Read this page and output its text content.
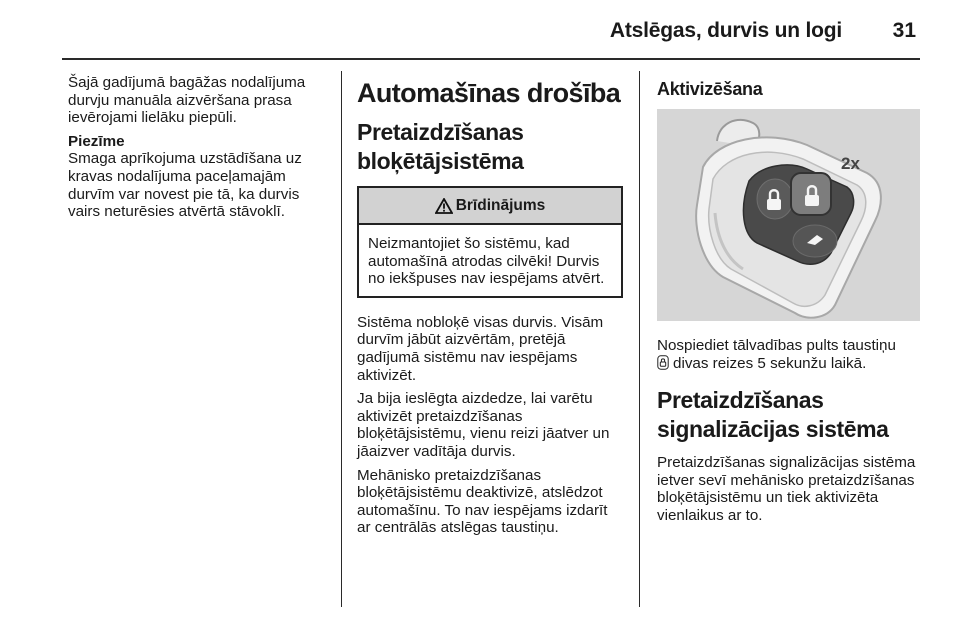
Atslēgas, durvis un logi 31

Šajā gadījumā bagāžas nodalījuma durvju manuāla aizvēršana prasa ievērojami lielāku piepūli.

Piezīme

Smaga aprīkojuma uzstādīšana uz kravas nodalījuma paceļamajām durvīm var novest pie tā, ka durvis vairs neturēsies atvērtā stāvoklī.

Automašīnas drošība
Pretaizdzīšanas bloķētājsistēma
Brīdinājums
Neizmantojiet šo sistēmu, kad automašīnā atrodas cilvēki! Durvis no iekšpuses nav iespējams atvērt.

Sistēma nobloķē visas durvis. Visām durvīm jābūt aizvērtām, pretējā gadījumā sistēmu nav iespējams aktivizēt.

Ja bija ieslēgta aizdedze, lai varētu aktivizēt pretaizdzīšanas bloķētājsistēmu, vienu reizi jāatver un jāaizver vadītāja durvis.

Mehānisko pretaizdzīšanas bloķētājsistēmu deaktivizē, atslēdzot automašīnu. To nav iespējams izdarīt ar centrālās atslēgas taustiņu.

Aktivizēšana
2x

Nospiediet tālvadības pults taustiņu
divas reizes 5 sekunžu laikā.

Pretaizdzīšanas signalizācijas sistēma

Pretaizdzīšanas signalizācijas sistēma ietver sevī mehānisko pretaizdzīšanas bloķētājsistēmu un tiek aktivizēta vienlaikus ar to.
